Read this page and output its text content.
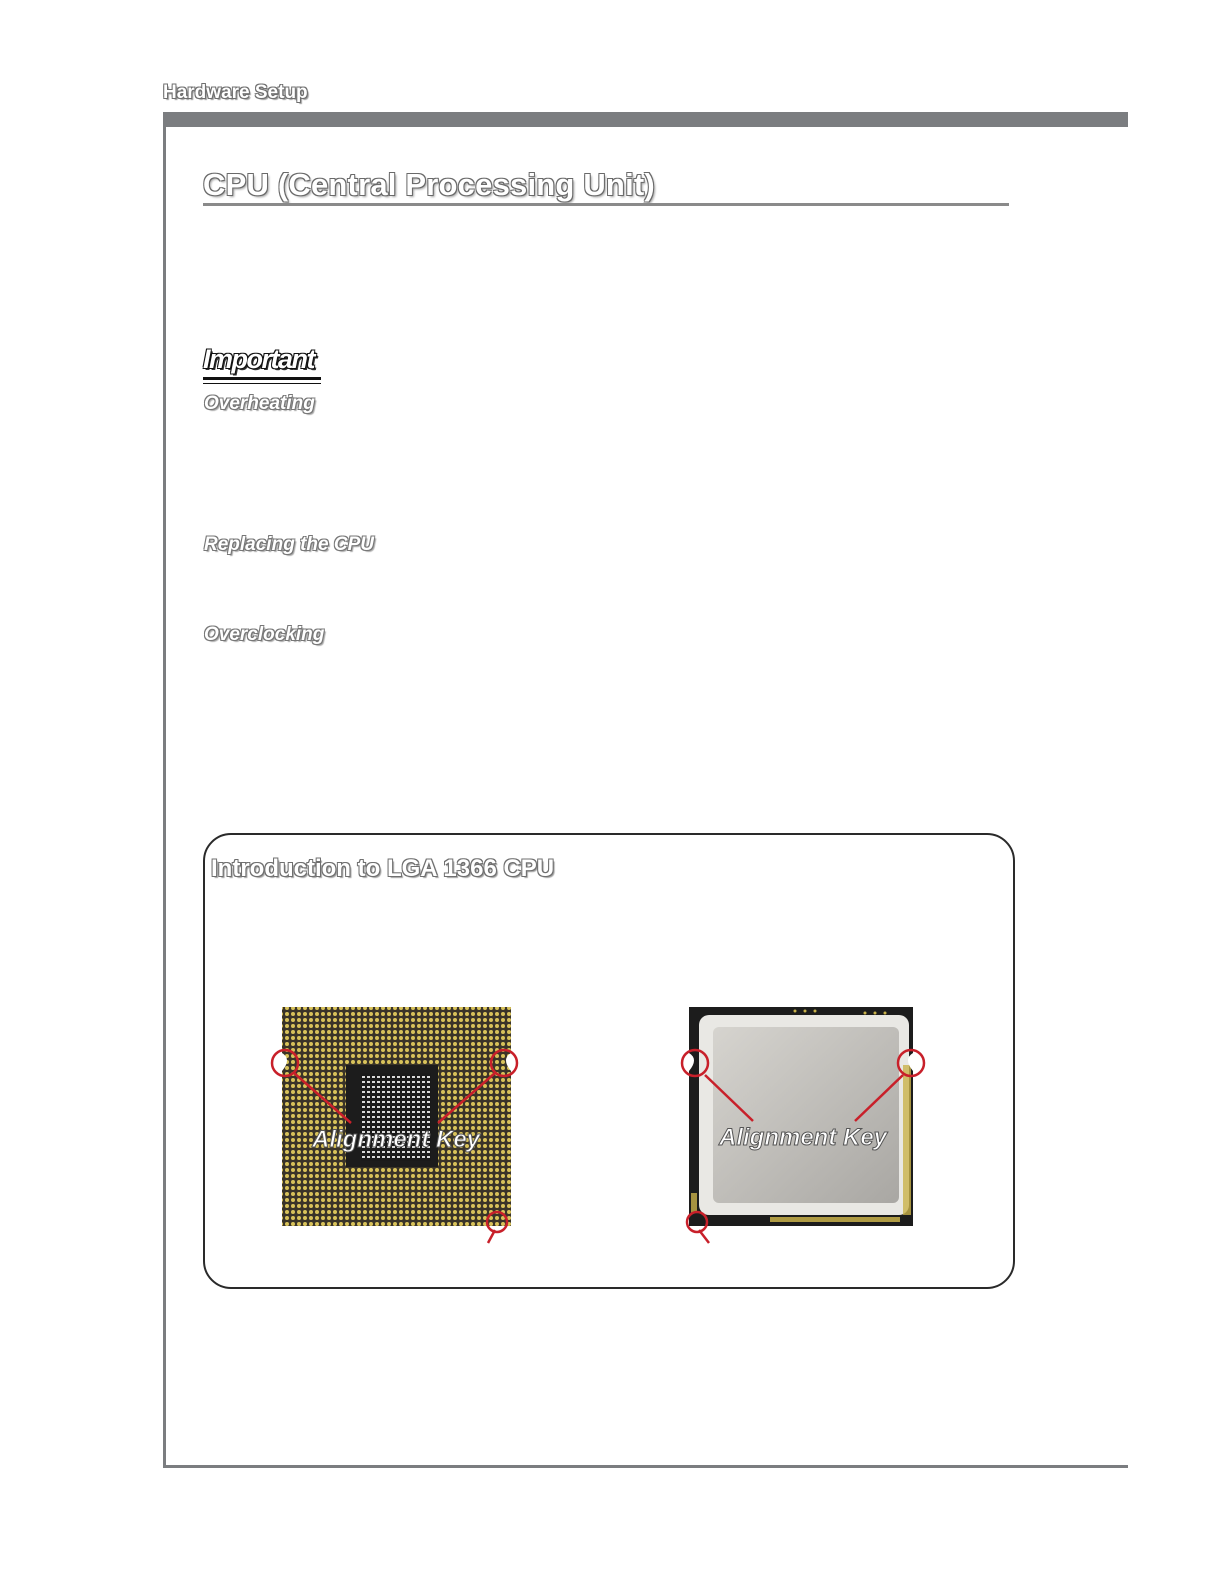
Hardware Setup
CPU (Central Processing Unit)
Important
Overheating
Replacing the CPU
Overclocking
Introduction to LGA 1366 CPU
Alignment Key	Alignment Key
